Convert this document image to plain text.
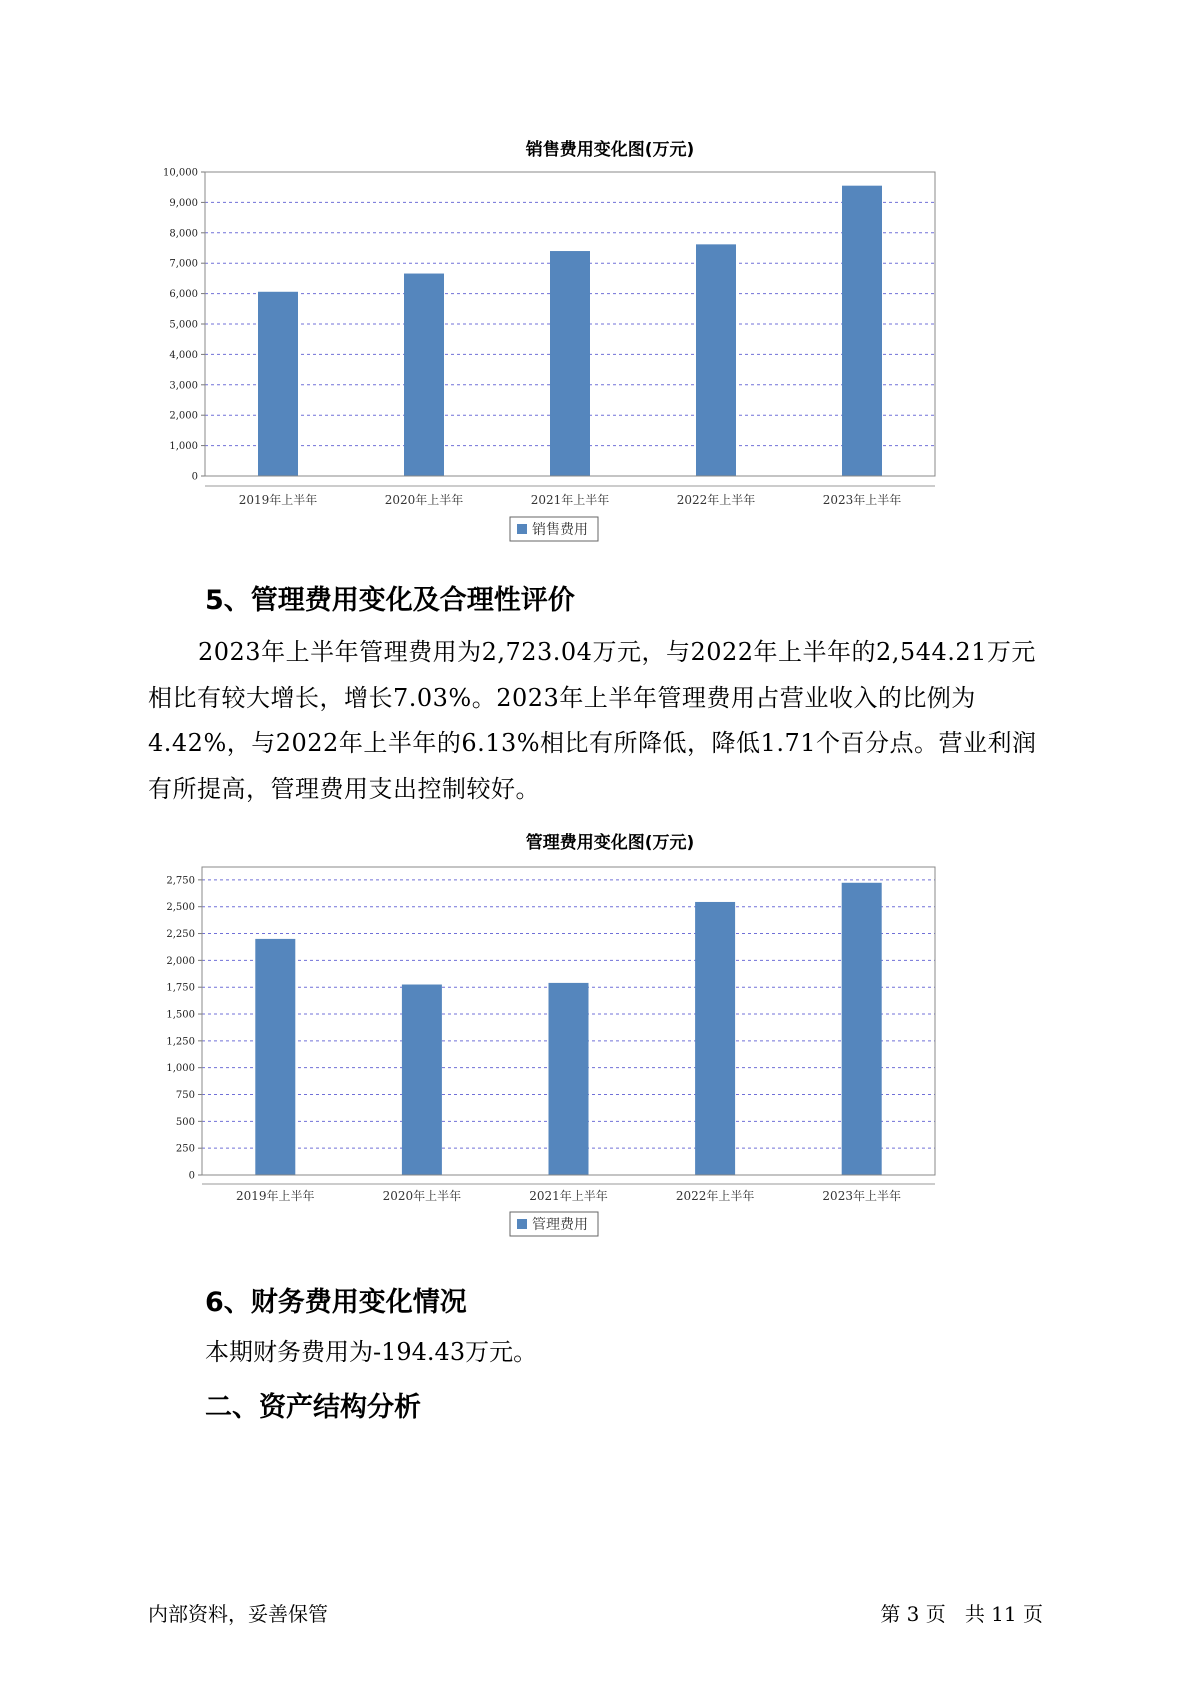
销售费用变化图(万元)
0
1,000
2,000
3,000
4,000
5,000
6,000
7,000
8,000
9,000
10,000
2019年上半年	2020年上半年	2021年上半年	2022年上半年	2023年上半年
销售费用
5、管理费用变化及合理性评价

2023年上半年管理费用为2,723.04万元，与2022年上半年的2,544.21万元相比有较大增长，增长7.03%。2023年上半年管理费用占营业收入的比例为4.42%，与2022年上半年的6.13%相比有所降低，降低1.71个百分点。营业利润有所提高，管理费用支出控制较好。

管理费用变化图(万元)
0
250
500
750
1,000
1,250
1,500
1,750
2,000
2,250
2,500
2,750
2019年上半年	2020年上半年	2021年上半年	2022年上半年	2023年上半年
管理费用
6、财务费用变化情况

本期财务费用为-194.43万元。

二、资产结构分析

内部资料，妥善保管	第 3 页   共 11 页
